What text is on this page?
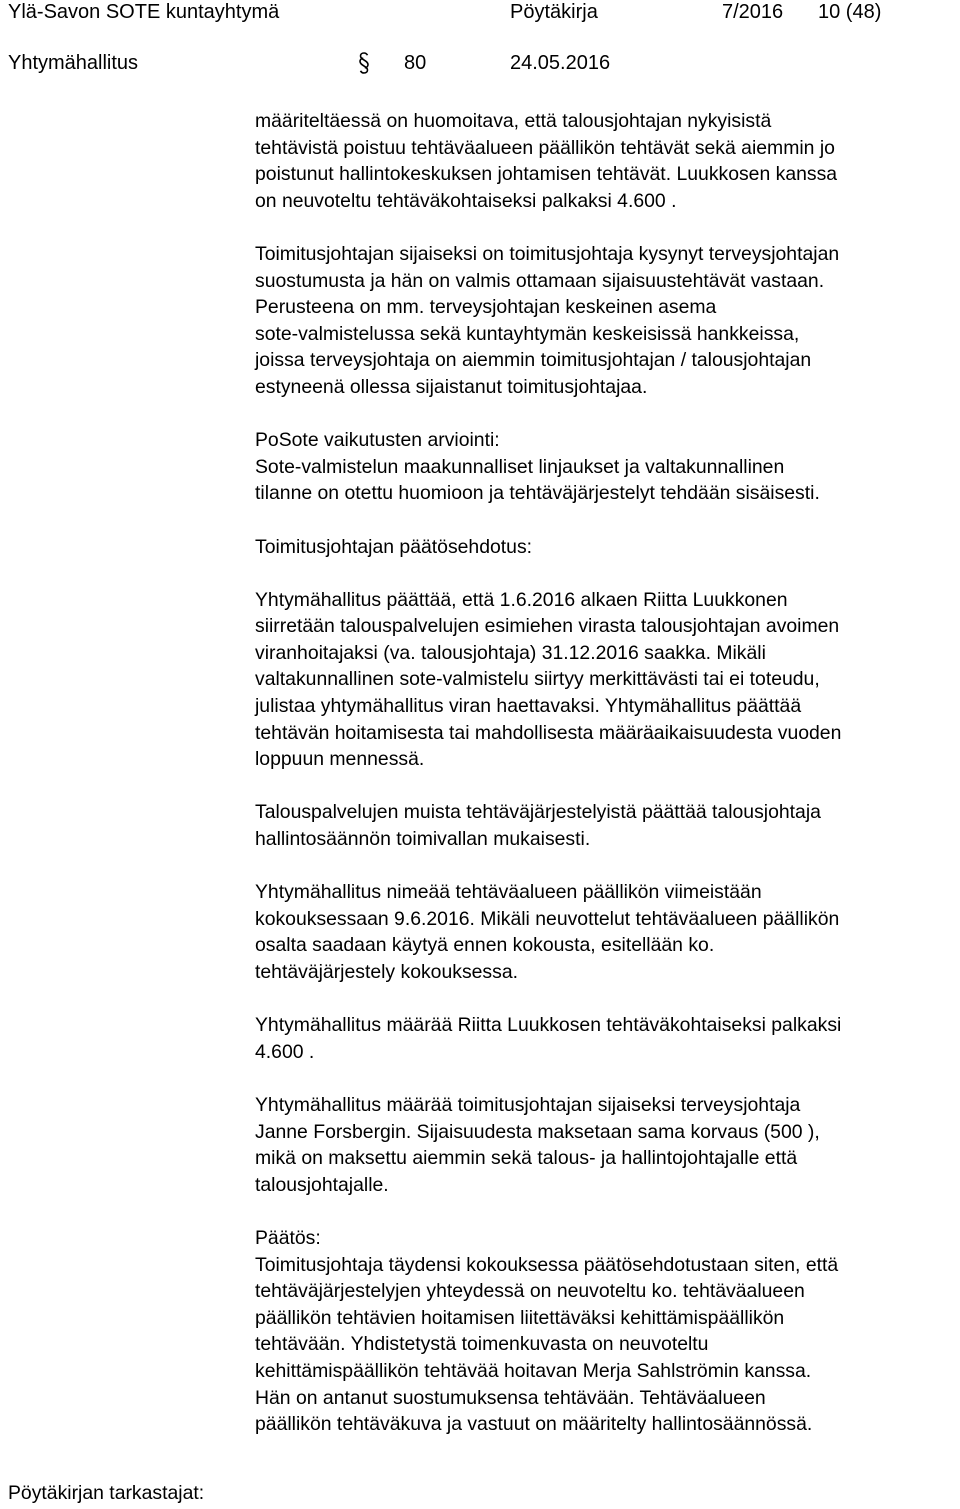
Ylä-Savon SOTE kuntayhtymä	Pöytäkirja	7/2016 10 (48)
Yhtymähallitus	80	24.05.2016
määriteltäessä on huomoitava, että talousjohtajan nykyisistä
tehtävistä poistuu tehtäväalueen päällikön tehtävät sekä aiemmin jo
poistunut hallintokeskuksen johtamisen tehtävät. Luukkosen kanssa
on neuvoteltu tehtäväkohtaiseksi palkaksi 4.600 .
Toimitusjohtajan sijaiseksi on toimitusjohtaja kysynyt terveysjohtajan
suostumusta ja hän on valmis ottamaan sijaisuustehtävät vastaan.
Perusteena on mm. terveysjohtajan keskeinen asema
sote-valmistelussa sekä kuntayhtymän keskeisissä hankkeissa,
joissa terveysjohtaja on aiemmin toimitusjohtajan / talousjohtajan
estyneenä ollessa sijaistanut toimitusjohtajaa.
PoSote vaikutusten arviointi:
Sote-valmistelun maakunnalliset linjaukset ja valtakunnallinen
tilanne on otettu huomioon ja tehtäväjärjestelyt tehdään sisäisesti.
Toimitusjohtajan päätösehdotus:
Yhtymähallitus päättää, että 1.6.2016 alkaen Riitta Luukkonen
siirretään talouspalvelujen esimiehen virasta talousjohtajan avoimen
viranhoitajaksi (va. talousjohtaja) 31.12.2016 saakka. Mikäli
valtakunnallinen sote-valmistelu siirtyy merkittävästi tai ei toteudu,
julistaa yhtymähallitus viran haettavaksi. Yhtymähallitus päättää
tehtävän hoitamisesta tai mahdollisesta määräaikaisuudesta vuoden
loppuun mennessä.
Talouspalvelujen muista tehtäväjärjestelyistä päättää talousjohtaja
hallintosäännön toimivallan mukaisesti.
Yhtymähallitus nimeää tehtäväalueen päällikön viimeistään
kokouksessaan 9.6.2016. Mikäli neuvottelut tehtäväalueen päällikön
osalta saadaan käytyä ennen kokousta, esitellään ko.
tehtäväjärjestely kokouksessa.
Yhtymähallitus määrää Riitta Luukkosen tehtäväkohtaiseksi palkaksi
4.600 .
Yhtymähallitus määrää toimitusjohtajan sijaiseksi terveysjohtaja
Janne Forsbergin. Sijaisuudesta maksetaan sama korvaus (500 ),
mikä on maksettu aiemmin sekä talous- ja hallintojohtajalle että
talousjohtajalle.
Päätös:
Toimitusjohtaja täydensi kokouksessa päätösehdotustaan siten, että
tehtäväjärjestelyjen yhteydessä on neuvoteltu ko. tehtäväalueen
päällikön tehtävien hoitamisen liitettäväksi kehittämispäällikön
tehtävään. Yhdistetystä toimenkuvasta on neuvoteltu
kehittämispäällikön tehtävää hoitavan Merja Sahlströmin kanssa.
Hän on antanut suostumuksensa tehtävään. Tehtäväalueen
päällikön tehtäväkuva ja vastuut on määritelty hallintosäännössä.
Pöytäkirjan tarkastajat:
